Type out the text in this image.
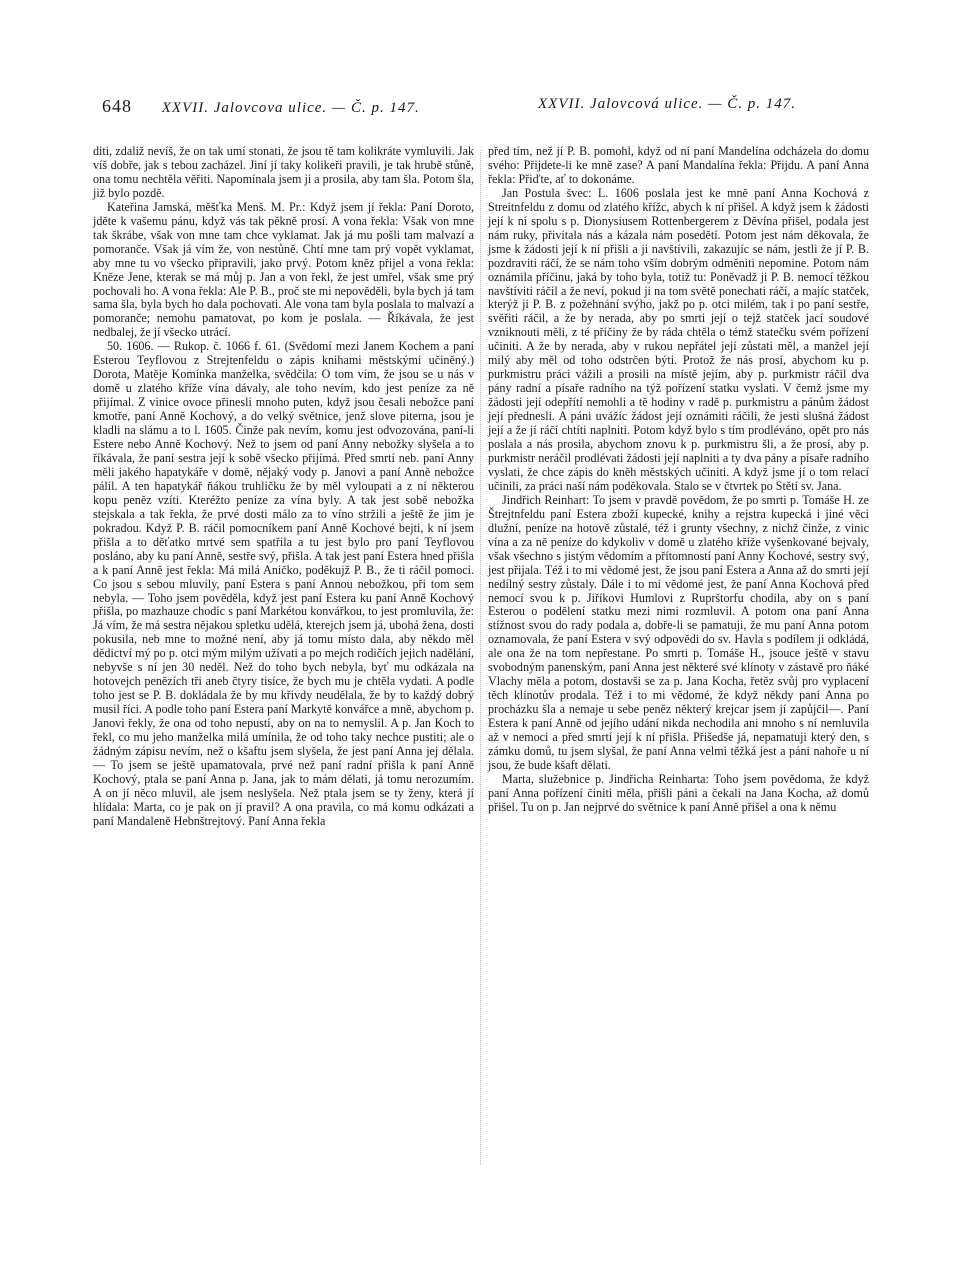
648 XXVII. Jalovcova ulice. — Č. p. 147.	XXVII. Jalovcová ulice. — Č. p. 147.

diti, zdaliž nevíš, že on tak umí stonati, že jsou tě tam kolikráte vymluvili. Jak víš dobře, jak s tebou zacházel. Jiní jí taky kolikeři pravili, je tak hrubě stůně, ona tomu nechtěla věřiti. Napomínala jsem ji a prosila, aby tam šla. Potom šla, již bylo pozdě.

Kateřina Jamská, měšťka Menš. M. Pr.: Když jsem jí řekla: Paní Doroto, jděte k vašemu pánu, když vás tak pěkně prosí. A vona řekla: Však von mne tak škrábe, však von mne tam chce vyklamat. Jak já mu pošli tam malvazí a pomoranče. Však já vím že, von nestůně. Chtí mne tam prý vopět vyklamat, aby mne tu vo všecko připravili, jako prvý. Potom kněz přijel a vona řekla: Kněze Jene, kterak se má můj p. Jan a von řekl, že jest umřel, však sme prý pochovali ho. A vona řekla: Ale P. B., proč ste mi nepověděli, byla bych já tam sama šla, byla bych ho dala pochovati. Ale vona tam byla poslala to malvazí a pomoranče; nemohu pamatovat, po kom je poslala. — Říkávala, že jest nedbalej, že jí všecko utrácí.

50. 1606. — Rukop. č. 1066 f. 61. (Svědomí mezi Janem Kochem a paní Esterou Teyflovou z Strejtenfeldu o zápis knihami městskými učiněný.) Dorota, Matěje Komínka manželka, svědčila: O tom vím, že jsou se u nás v domě u zlatého kříže vína dávaly, ale toho nevím, kdo jest peníze za ně přijímal. Z vinice ovoce přinesli mnoho puten, když jsou česali nebožce paní kmotře, paní Anně Kochový, a do velký světnice, jenž slove piterna, jsou je kladli na slámu a to l. 1605. Činže pak nevím, komu jest odvozována, paní-li Estere nebo Anně Kochový. Než to jsem od paní Anny nebožky slyšela a to říkávala, že paní sestra její k sobě všecko přijímá. Před smrtí neb. paní Anny měli jakého hapatykáře v domě, nějaký vody p. Janovi a paní Anně nebožce pálil. A ten hapatykář ňákou truhličku že by měl vyloupati a z ní některou kopu peněz vzíti. Kteréžto peníze za vína byly. A tak jest sobě nebožka stejskala a tak řekla, že prvé dosti málo za to víno stržili a ještě že jim je pokradou. Když P. B. ráčil pomocníkem paní Anně Kochové bejti, k ní jsem přišla a to děťatko mrtvé sem spatřila a tu jest bylo pro paní Teyflovou posláno, aby ku paní Anně, sestře svý, přišla. A tak jest paní Estera hned přišla a k paní Anně jest řekla: Má milá Aničko, poděkujž P. B., že ti ráčil pomoci. Co jsou s sebou mluvily, paní Estera s paní Annou nebožkou, při tom sem nebyla. — Toho jsem pověděla, když jest paní Estera ku paní Anně Kochový přišla, po mazhauze chodíc s paní Markétou konvářkou, to jest promluvila, že: Já vím, že má sestra nějakou spletku udělá, kterejch jsem já, ubohá žena, dosti pokusila, neb mne to možné není, aby já tomu místo dala, aby někdo měl dědictví mý po p. otci mým milým užívati a po mejch rodičích jejich nadělání, nebyvše s ní jen 30 neděl. Než do toho bych nebyla, byť mu odkázala na hotovejch penězích tři aneb čtyry tisíce, že bych mu je chtěla vydati. A podle toho jest se P. B. dokládala že by mu křivdy neudělala, že by to každý dobrý musil říci. A podle toho paní Estera paní Markytě konvářce a mně, abychom p. Janovi řekly, že ona od toho nepustí, aby on na to nemyslil. A p. Jan Koch to řekl, co mu jeho manželka milá umínila, že od toho taky nechce pustiti; ale o žádným zápisu nevím, než o kšaftu jsem slyšela, že jest paní Anna jej dělala. — To jsem se ještě upamatovala, prvé než paní radní přišla k paní Anně Kochový, ptala se paní Anna p. Jana, jak to mám dělati, já tomu nerozumím. A on jí něco mluvil, ale jsem neslyšela. Než ptala jsem se ty ženy, která jí hlídala: Marta, co je pak on jí pravil? A ona pravila, co má komu odkázati a paní Mandaleně Hebnštrejtový. Paní Anna řekla

před tím, než jí P. B. pomohl, když od ní paní Mandelína odcházela do domu svého: Přijdete-li ke mně zase? A paní Mandalína řekla: Přijdu. A paní Anna řekla: Přiďte, ať to dokonáme.

Jan Postula švec: L. 1606 poslala jest ke mně paní Anna Kochová z Streitnfeldu z domu od zlatého křížc, abych k ní přišel. A když jsem k žádosti její k ní spolu s p. Dionysiusem Rottenbergerem z Děvína přišel, podala jest nám ruky, přivítala nás a kázala nám posedětí. Potom jest nám děkovala, že jsme k žádosti její k ní přišli a ji navštívili, zakazujíc se nám, jestli že jí P. B. pozdraviti ráčí, že se nám toho vším dobrým odměniti nepomine. Potom nám oznámila příčinu, jaká by toho byla, totiž tu: Poněvadž ji P. B. nemocí těžkou navštíviti ráčil a že neví, pokud ji na tom světě ponechati ráčí, a majíc statček, kterýž ji P. B. z požehnání svýho, jakž po p. otci milém, tak i po paní sestře, svěřiti ráčil, a že by nerada, aby po smrti její o tejž statček jací soudové vzniknouti měli, z té příčiny že by ráda chtěla o témž statečku svém pořízení učiniti. A že by nerada, aby v rukou nepřátel její zůstati měl, a manžel její milý aby měl od toho odstrčen býti. Protož že nás prosí, abychom ku p. purkmistru práci vážili a prosili na místě jejím, aby p. purkmistr ráčil dva pány radní a písaře radního na týž pořízení statku vyslati. V čemž jsme my žádosti její odepřítí nemohli a tě hodiny v radě p. purkmistru a pánům žádost její přednesli. A páni uvážíc žádost její oznámiti ráčili, že jesti slušná žádost její a že jí ráčí chtíti naplniti. Potom když bylo s tím prodléváno, opět pro nás poslala a nás prosila, abychom znovu k p. purkmistru šli, a že prosí, aby p. purkmistr neráčil prodlévati žádosti její naplniti a ty dva pány a písaře radního vyslati, že chce zápis do kněh městských učiniti. A když jsme jí o tom relací učinili, za práci naší nám poděkovala. Stalo se v čtvrtek po Stětí sv. Jana.

Jindřich Reinhart: To jsem v pravdě povědom, že po smrti p. Tomáše H. ze Štrejtnfeldu paní Estera zboží kupecké, knihy a rejstra kupecká i jiné věci dlužní, peníze na hotově zůstalé, též i grunty všechny, z nichž činže, z vinic vína a za ně peníze do kdykoliv v domě u zlatého kříže vyšenkované bejvaly, však všechno s jistým vědomím a přítomností paní Anny Kochové, sestry svý, jest přijala. Též i to mi vědomé jest, že jsou paní Estera a Anna až do smrti její nedílný sestry zůstaly. Dále i to mi vědomé jest, že paní Anna Kochová před nemocí svou k p. Jiříkovi Humlovi z Ruprštorfu chodila, aby on s paní Esterou o podělení statku mezi nimi rozmluvil. A potom ona paní Anna stížnost svou do rady podala a, dobře-li se pamatuji, že mu paní Anna potom oznamovala, že paní Estera v svý odpovědi do sv. Havla s podílem ji odkládá, ale ona že na tom nepřestane. Po smrti p. Tomáše H., jsouce ještě v stavu svobodným panenským, paní Anna jest některé své klínoty v zástavě pro ňáké Vlachy měla a potom, dostavši se za p. Jana Kocha, řetěz svůj pro vyplacení těch klínotův prodala. Též i to mi vědomé, že když někdy paní Anna po procházku šla a nemaje u sebe peněz některý krejcar jsem jí zapůjčil—. Paní Estera k paní Anně od jejího udání nikda nechodila ani mnoho s ní nemluvila až v nemoci a před smrtí její k ní přišla. Přišedše já, nepamatuji který den, s zámku domů, tu jsem slyšal, že paní Anna velmi těžká jest a páni nahoře u ní jsou, že bude kšaft dělati.

Marta, služebnice p. Jindřicha Reinharta: Toho jsem povědoma, že když paní Anna pořízení činiti měla, přišli páni a čekali na Jana Kocha, až domů přišel. Tu on p. Jan nejprvé do světnice k paní Anně přišel a ona k němu
